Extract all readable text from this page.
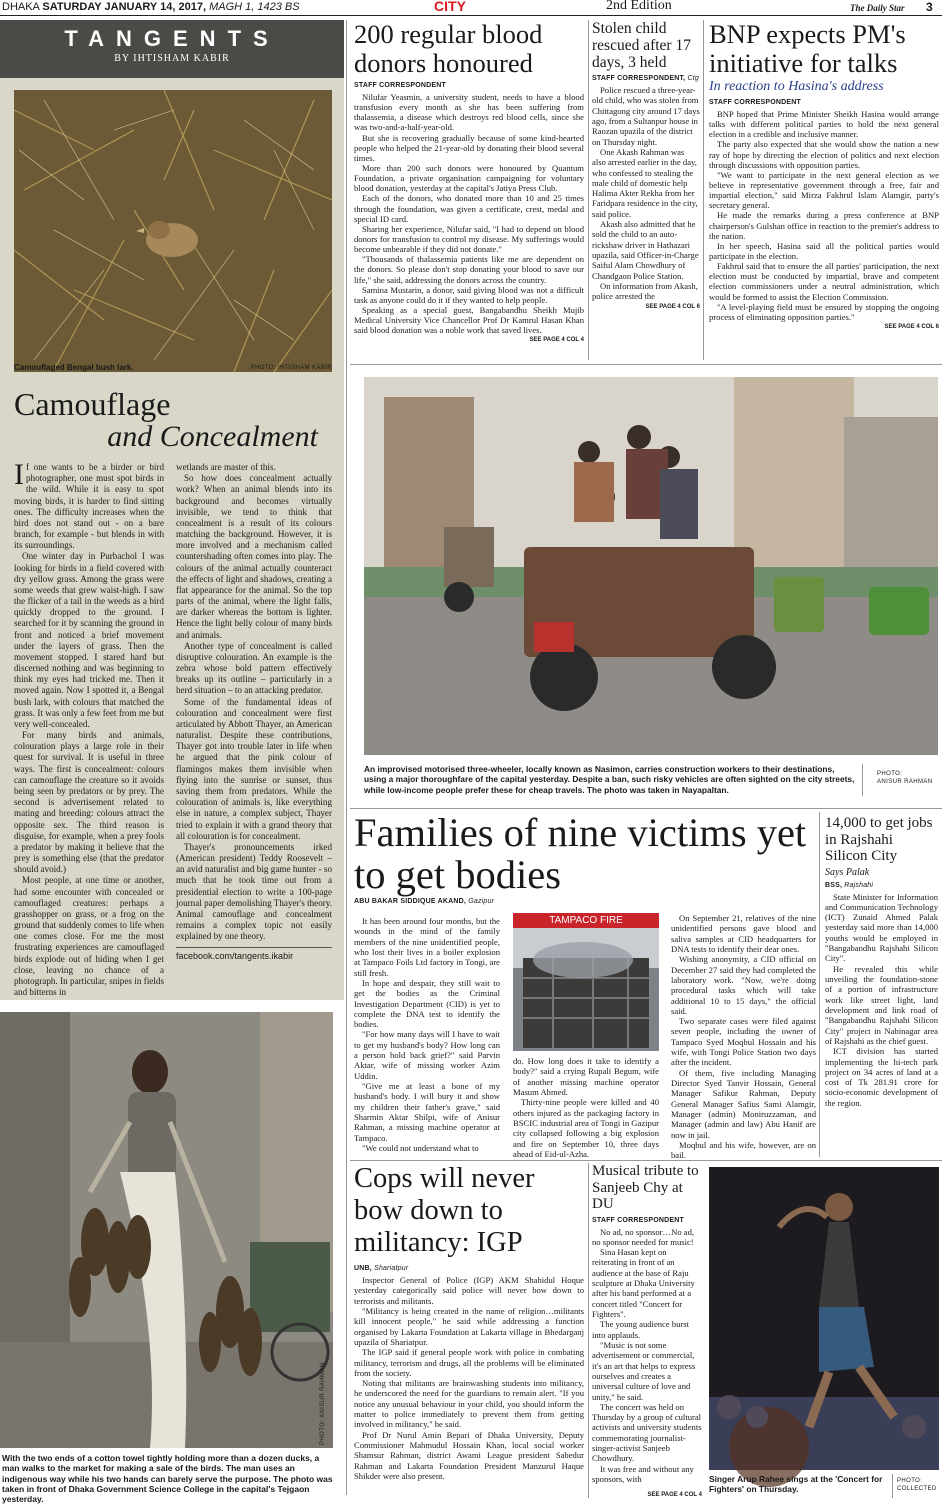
DHAKA SATURDAY JANUARY 14, 2017, MAGH 1, 1423 BS	CITY	2nd Edition	The Daily Star 3
TANGENTS
BY IHTISHAM KABIR
Camouflaged Bengal bush lark.	PHOTO: IHTISHAM KABIR
Camouflage
and Concealment

If one wants to be a birder or bird photographer, one must spot birds in the wild. While it is easy to spot moving birds, it is harder to find sitting ones. The difficulty increases when the bird does not stand out - on a bare branch, for example - but blends in with its surroundings.

One winter day in Purbachol I was looking for birds in a field covered with dry yellow grass. Among the grass were some weeds that grew waist-high. I saw the flicker of a tail in the weeds as a bird quickly dropped to the ground. I searched for it by scanning the ground in front and noticed a brief movement under the layers of grass. Then the movement stopped. I stared hard but discerned nothing and was beginning to think my eyes had tricked me. Then it moved again. Now I spotted it, a Bengal bush lark, with colours that matched the grass. It was only a few feet from me but very well-concealed.

For many birds and animals, colouration plays a large role in their quest for survival. It is useful in three ways. The first is concealment: colours can camouflage the creature so it avoids being seen by predators or by prey. The second is advertisement related to mating and breeding: colours attract the opposite sex. The third reason is disguise, for example, when a prey fools a predator by making it believe that the prey is something else (that the predator should avoid.)

Most people, at one time or another, had some encounter with concealed or camouflaged creatures: perhaps a grasshopper on grass, or a frog on the ground that suddenly comes to life when one comes close. For me the most frustrating experiences are camouflaged birds explode out of hiding when I get close, leaving no chance of a photograph. In particular, snipes in fields and bitterns in

wetlands are master of this.

So how does concealment actually work? When an animal blends into its background and becomes virtually invisible, we tend to think that concealment is a result of its colours matching the background. However, it is more involved and a mechanism called countershading often comes into play. The colours of the animal actually counteract the effects of light and shadows, creating a flat appearance for the animal. So the top parts of the animal, where the light falls, are darker whereas the bottom is lighter. Hence the light belly colour of many birds and animals.

Another type of concealment is called disruptive colouration. An example is the zebra whose bold pattern effectively breaks up its outline – particularly in a herd situation – to an attacking predator.

Some of the fundamental ideas of colouration and concealment were first articulated by Abbott Thayer, an American naturalist. Despite these contributions, Thayer got into trouble later in life when he argued that the pink colour of flamingos makes them invisible when flying into the sunrise or sunset, thus saving them from predators. While the colouration of animals is, like everything else in nature, a complex subject, Thayer tried to explain it with a grand theory that all colouration is for concealment.

Thayer's pronouncements irked (American president) Teddy Roosevelt – an avid naturalist and big game hunter - so much that he took time out from a presidential election to write a 100-page journal paper demolishing Thayer's theory. Animal camouflage and concealment remains a complex topic not easily explained by one theory.

facebook.com/tangents.ikabir
PHOTO: ANISUR RAHMAN
With the two ends of a cotton towel tightly holding more than a dozen ducks, a man walks to the market for making a sale of the birds. The man uses an indigenous way while his two hands can barely serve the purpose. The photo was taken in front of Dhaka Government Science College in the capital's Tejgaon yesterday.
200 regular blood donors honoured
STAFF CORRESPONDENT

Nilufar Yeasmin, a university student, needs to have a blood transfusion every month as she has been suffering from thalassemia, a disease which destroys red blood cells, since she was two-and-a-half-year-old.

But she is recovering gradually because of some kind-hearted people who helped the 21-year-old by donating their blood several times.

More than 200 such donors were honoured by Quantum Foundation, a private organisation campaigning for voluntary blood donation, yesterday at the capital's Jatiya Press Club.

Each of the donors, who donated more than 10 and 25 times through the foundation, was given a certificate, crest, medal and special ID card.

Sharing her experience, Nilufar said, "I had to depend on blood donors for transfusion to control my disease. My sufferings would become unbearable if they did not donate."

"Thousands of thalassemia patients like me are dependent on the donors. So please don't stop donating your blood to save our life," she said, addressing the donors across the country.

Samina Mustarin, a donor, said giving blood was not a difficult task as anyone could do it if they wanted to help people.

Speaking as a special guest, Bangabandhu Sheikh Mujib Medical University Vice Chancellor Prof Dr Kamrul Hasan Khan said blood donation was a noble work that saved lives.

SEE PAGE 4 COL 4
Stolen child rescued after 17 days, 3 held
STAFF CORRESPONDENT, Ctg

Police rescued a three-year-old child, who was stolen from Chittagong city around 17 days ago, from a Sultanpur house in Raozan upazila of the district on Thursday night.

One Akash Rahman was also arrested earlier in the day, who confessed to stealing the male child of domestic help Halima Akter Rekha from her Faridpara residence in the city, said police.

Akash also admitted that he sold the child to an auto-rickshaw driver in Hathazari upazila, said Officer-in-Charge Saiful Alam Chowdhury of Chandgaon Police Station.

On information from Akash, police arrested the

SEE PAGE 4 COL 6
BNP expects PM's initiative for talks
In reaction to Hasina's address
STAFF CORRESPONDENT

BNP hoped that Prime Minister Sheikh Hasina would arrange talks with different political parties to hold the next general election in a credible and inclusive manner.

The party also expected that she would show the nation a new ray of hope by directing the election of politics and next election through discussions with opposition parties.

"We want to participate in the next general election as we believe in representative government through a free, fair and impartial election," said Mirza Fakhrul Islam Alamgir, party's secretary general.

He made the remarks during a press conference at BNP chairperson's Gulshan office in reaction to the premier's address to the nation.

In her speech, Hasina said all the political parties would participate in the election.

Fakhrul said that to ensure the all parties' participation, the next election must be conducted by impartial, brave and competent election commissioners under a neutral administration, which would be formed to assist the Election Commission.

"A level-playing field must be ensured by stopping the ongoing process of eliminating opposition parties."

SEE PAGE 4 COL 6
An improvised motorised three-wheeler, locally known as Nasimon, carries construction workers to their destinations, using a major thoroughfare of the capital yesterday. Despite a ban, such risky vehicles are often sighted on the city streets, while low-income people prefer these for cheap travels. The photo was taken in Nayapaltan.
PHOTO:
ANISUR RAHMAN
Families of nine victims yet to get bodies
ABU BAKAR SIDDIQUE AKAND, Gazipur

It has been around four months, but the wounds in the mind of the family members of the nine unidentified people, who lost their lives in a boiler explosion at Tampaco Foils Ltd factory in Tongi, are still fresh.

In hope and despair, they still wait to get the bodies as the Criminal Investigation Department (CID) is yet to complete the DNA test to identify the bodies.

"For how many days will I have to wait to get my husband's body? How long can a person hold back grief?" said Parvin Aktar, wife of missing worker Azim Uddin.

"Give me at least a bone of my husband's body. I will bury it and show my children their father's grave," said Sharmin Aktar Shilpi, wife of Anisur Rahman, a missing machine operator at Tampaco.

"We could not understand what to

TAMPACO FIRE

do. How long does it take to identify a body?" said a crying Rupali Begum, wife of another missing machine operator Masum Ahmed.

Thirty-nine people were killed and 40 others injured as the packaging factory in BSCIC industrial area of Tongi in Gazipur city collapsed following a big explosion and fire on September 10, three days ahead of Eid-ul-Azha.

On September 21, relatives of the nine unidentified persons gave blood and saliva samples at CID headquarters for DNA tests to identify their dear ones.

Wishing anonymity, a CID official on December 27 said they had completed the laboratory work. "Now, we're doing procedural tasks which will take additional 10 to 15 days," the official said.

Two separate cases were filed against seven people, including the owner of Tampaco Syed Moqbul Hossain and his wife, with Tongi Police Station two days after the incident.

Of them, five including Managing Director Syed Tanvir Hossain, General Manager Safikur Rahman, Deputy General Manager Safius Sami Alamgir, Manager (admin) Moniruzzaman, and Manager (admin and law) Abu Hanif are now in jail.

Moqbul and his wife, however, are on bail.

14,000 to get jobs in Rajshahi Silicon City
Says Palak
BSS, Rajshahi

State Minister for Information and Communication Technology (ICT) Zunaid Ahmed Palak yesterday said more than 14,000 youths would be employed in "Bangabandhu Rajshahi Silicon City".

He revealed this while unveiling the foundation-stone of a portion of infrastructure work like street light, land development and link road of "Bangabandhu Rajshahi Silicon City" project in Nabinagar area of Rajshahi as the chief guest.

ICT division has started implementing the hi-tech park project on 34 acres of land at a cost of Tk 281.91 crore for socio-economic development of the region.

Cops will never bow down to militancy: IGP
UNB, Shariatpur

Inspector General of Police (IGP) AKM Shahidul Hoque yesterday categorically said police will never bow down to terrorists and militants.

"Militancy is being created in the name of religion…militants kill innocent people," he said while addressing a function organised by Lakarta Foundation at Lakarta village in Bhedarganj upazila of Shariatpur.

The IGP said if general people work with police in combating militancy, terrorism and drugs, all the problems will be eliminated from the society.

Noting that militants are brainwashing students into militancy, he underscored the need for the guardians to remain alert. "If you notice any unusual behaviour in your child, you should inform the matter to police immediately to prevent them from getting involved in militancy," he said.

Prof Dr Nurul Amin Bepari of Dhaka University, Deputy Commissioner Mahmudul Hossain Khan, local social worker Shamsur Rahman, district Awami League president Sabedur Rahman and Lakarta Foundation President Manzurul Haque Shikder were also present.

Musical tribute to Sanjeeb Chy at DU
STAFF CORRESPONDENT

No ad, no sponsor…No ad, no sponsor needed for music!

Sina Hasan kept on reiterating in front of an audience at the base of Raju sculpture at Dhaka University after his band performed at a concert titled "Concert for Fighters".

The young audience burst into applauds.

"Music is not some advertisement or commercial, it's an art that helps to express ourselves and creates a universal culture of love and unity," he said.

The concert was held on Thursday by a group of cultural activists and university students commemorating journalist-singer-activist Sanjeeb Chowdhury.

It was free and without any sponsors, with

SEE PAGE 4 COL 4
Singer Arup Rahee sings at the 'Concert for Fighters' on Thursday.
PHOTO:
COLLECTED
